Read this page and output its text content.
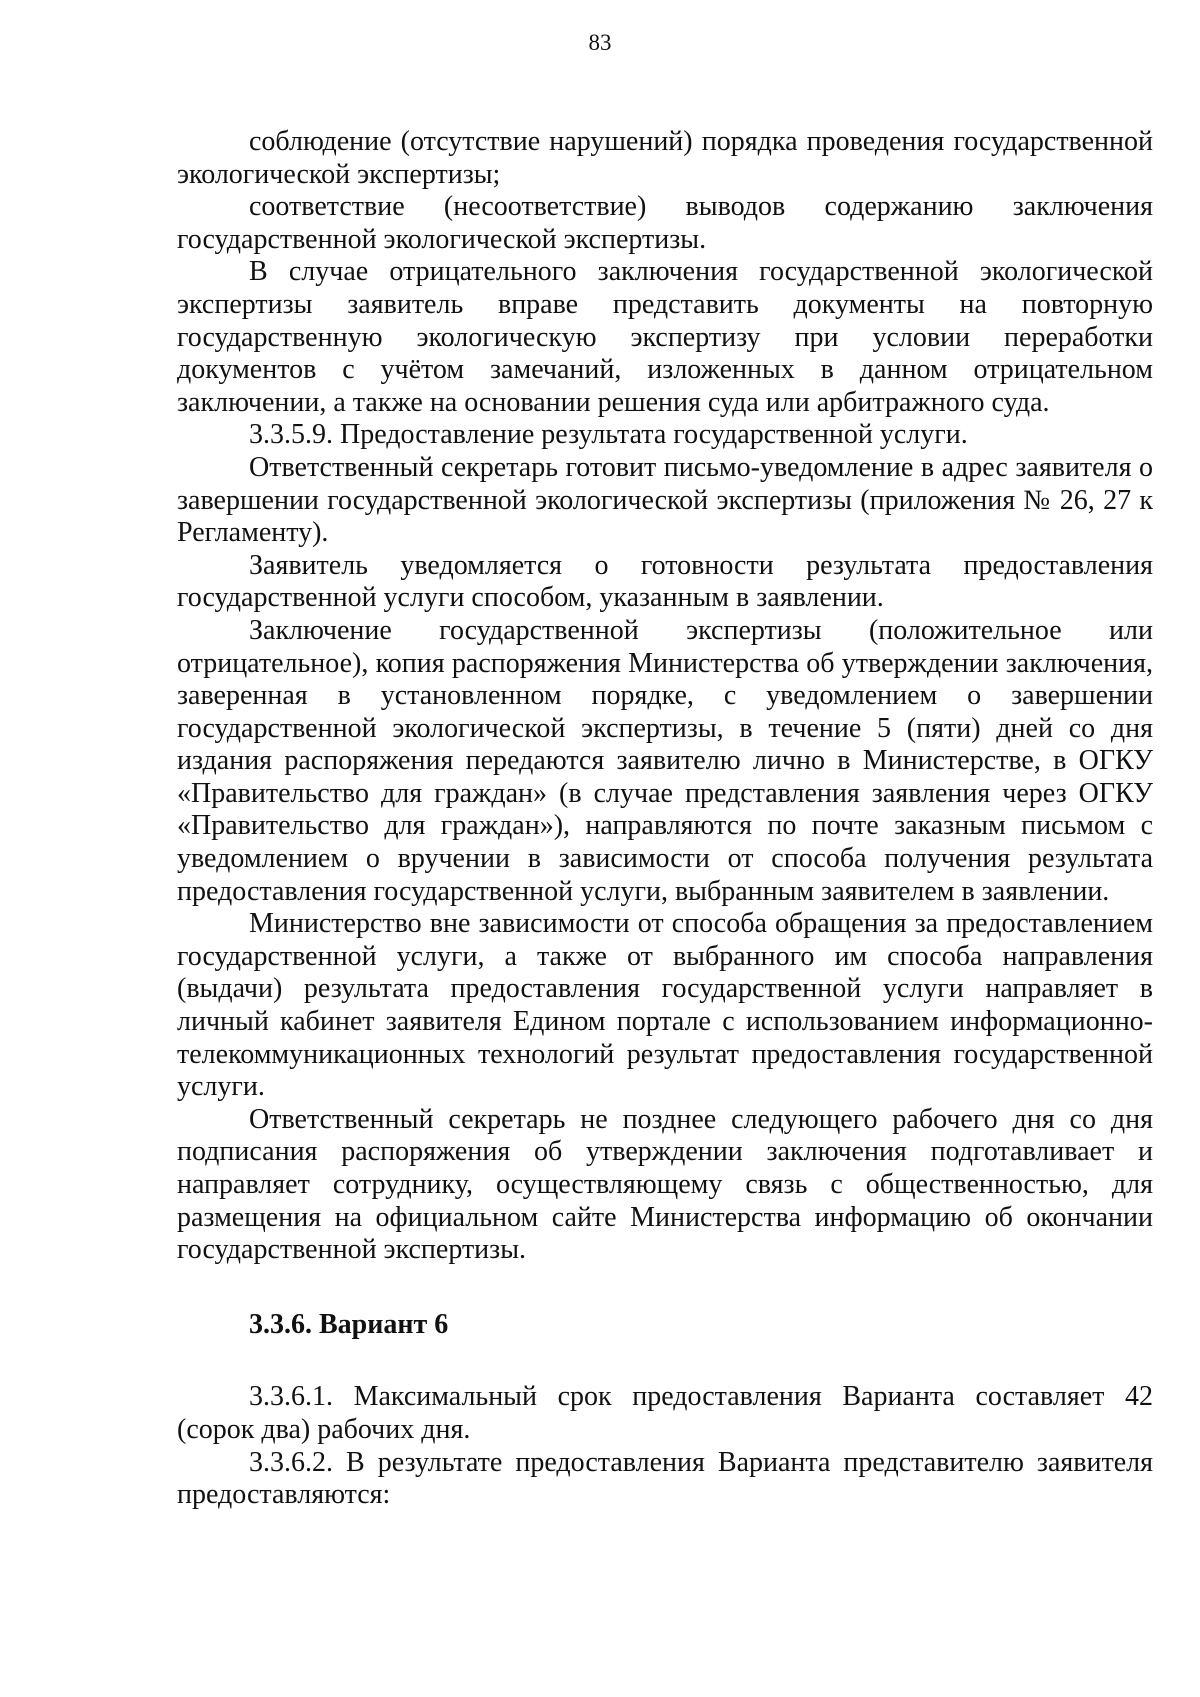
83

соблюдение (отсутствие нарушений) порядка проведения государственной экологической экспертизы;

соответствие (несоответствие) выводов содержанию заключения государственной экологической экспертизы.

В случае отрицательного заключения государственной экологической экспертизы заявитель вправе представить документы на повторную государственную экологическую экспертизу при условии переработки документов с учётом замечаний, изложенных в данном отрицательном заключении, а также на основании решения суда или арбитражного суда.

3.3.5.9. Предоставление результата государственной услуги.

Ответственный секретарь готовит письмо-уведомление в адрес заявителя о завершении государственной экологической экспертизы (приложения № 26, 27 к Регламенту).

Заявитель уведомляется о готовности результата предоставления государственной услуги способом, указанным в заявлении.

Заключение государственной экспертизы (положительное или отрицательное), копия распоряжения Министерства об утверждении заключения, заверенная в установленном порядке, с уведомлением о завершении государственной экологической экспертизы, в течение 5 (пяти) дней со дня издания распоряжения передаются заявителю лично в Министерстве, в ОГКУ «Правительство для граждан» (в случае представления заявления через ОГКУ «Правительство для граждан»), направляются по почте заказным письмом с уведомлением о вручении в зависимости от способа получения результата предоставления государственной услуги, выбранным заявителем в заявлении.

Министерство вне зависимости от способа обращения за предоставлением государственной услуги, а также от выбранного им способа направления (выдачи) результата предоставления государственной услуги направляет в личный кабинет заявителя Едином портале с использованием информационно-телекоммуникационных технологий результат предоставления государственной услуги.

Ответственный секретарь не позднее следующего рабочего дня со дня подписания распоряжения об утверждении заключения подготавливает и направляет сотруднику, осуществляющему связь с общественностью, для размещения на официальном сайте Министерства информацию об окончании государственной экспертизы.

3.3.6. Вариант 6

3.3.6.1. Максимальный срок предоставления Варианта составляет 42 (сорок два) рабочих дня.

3.3.6.2. В результате предоставления Варианта представителю заявителя предоставляются:
